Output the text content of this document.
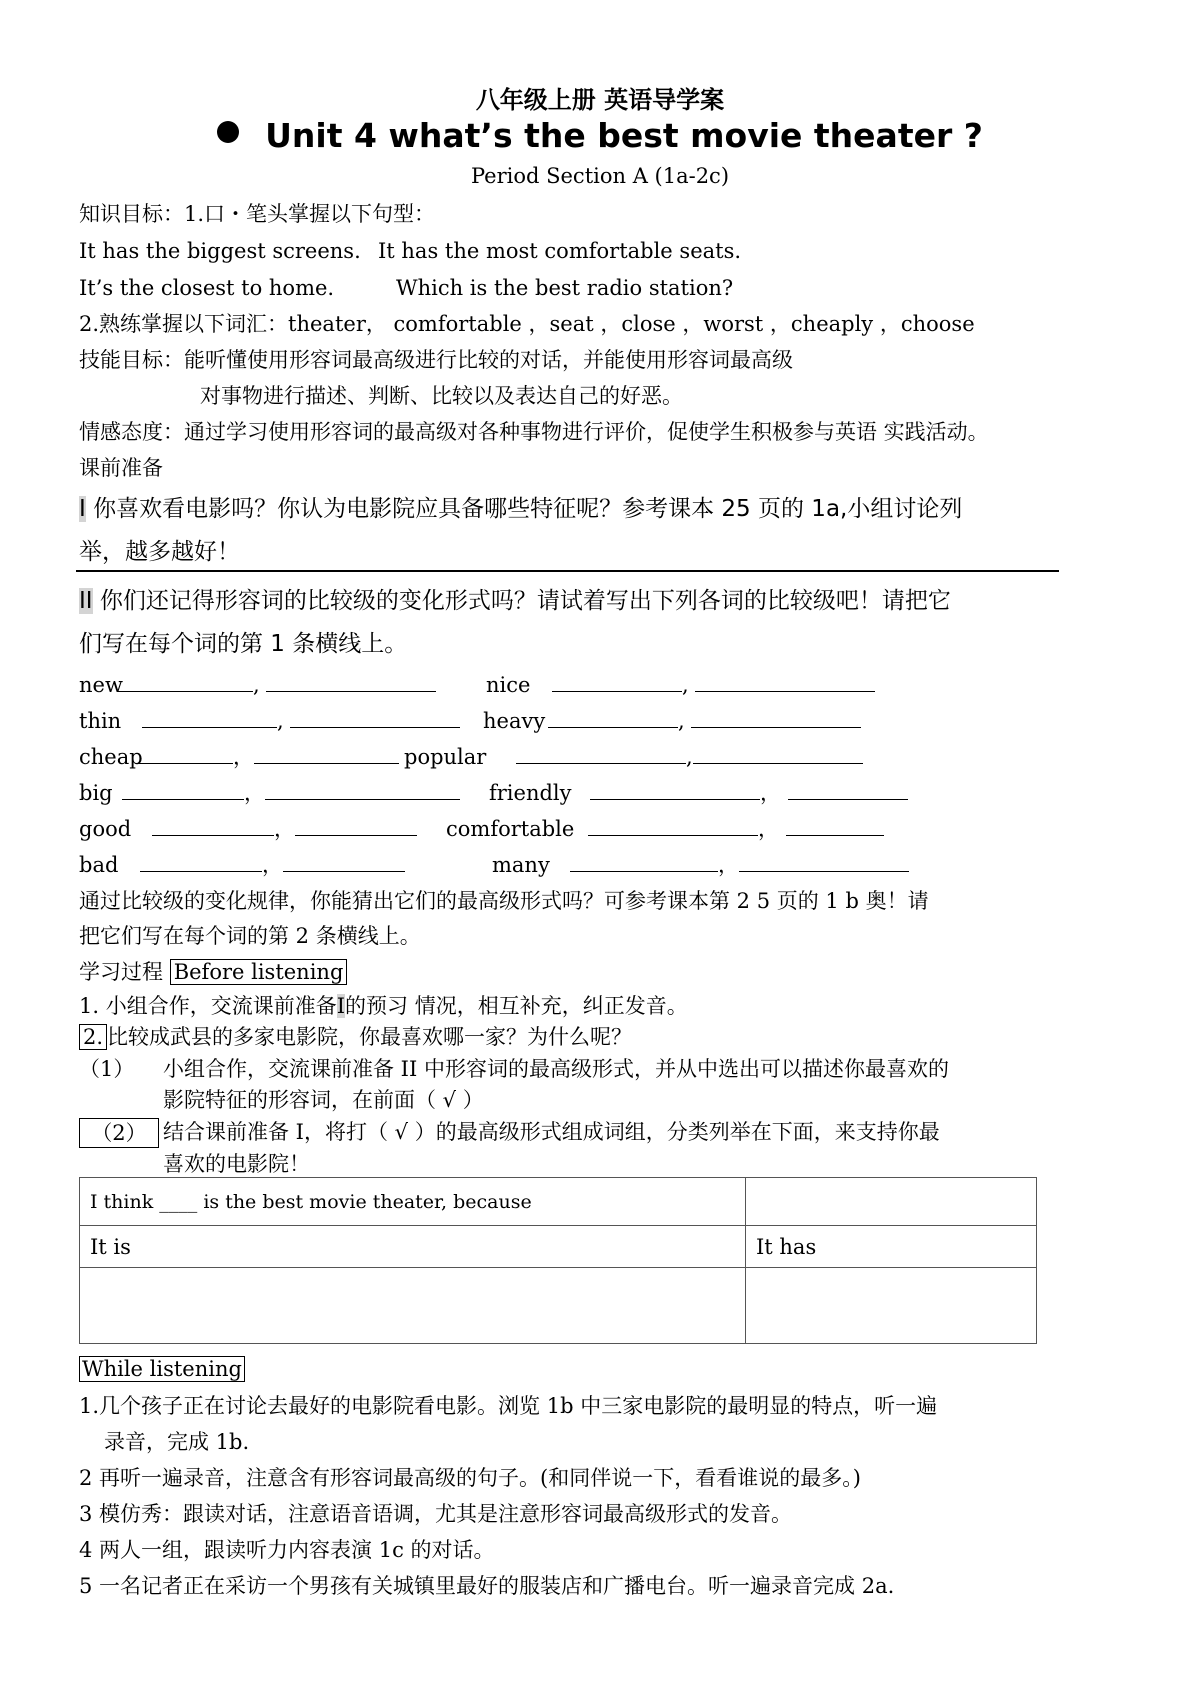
八年级上册 英语导学案
Unit 4 what’s the best movie theater ?
Period Section A (1a-2c)
知识目标：1.口・笔头掌握以下句型：
It has the biggest screens. It has the most comfortable seats.
It’s the closest to home.	Which is the best radio station?
2.熟练掌握以下词汇：theater， comfortable ，seat ，close ，worst ，cheaply ，choose
技能目标：能听懂使用形容词最高级进行比较的对话，并能使用形容词最高级
对事物进行描述、判断、比较以及表达自己的好恶。
情感态度：通过学习使用形容词的最高级对各种事物进行评价，促使学生积极参与英语 实践活动。
课前准备
I 你喜欢看电影吗？你认为电影院应具备哪些特征呢？参考课本 25 页的 1a,小组讨论列
举，越多越好！
II 你们还记得形容词的比较级的变化形式吗？请试着写出下列各词的比较级吧！请把它
们写在每个词的第 1 条横线上。
new	,	nice	,
thin	,	heavy	,
cheap	，	popular	,
big	，	friendly	，
good	，	comfortable	，
bad	，	many	，
通过比较级的变化规律，你能猜出它们的最高级形式吗？可参考课本第 2 5 页的 1 b 奥！请
把它们写在每个词的第 2 条横线上。
学习过程 Before listening
1. 小组合作，交流课前准备I的预习 情况，相互补充，纠正发音。
2. 比较成武县的多家电影院，你最喜欢哪一家？为什么呢？
（1） 小组合作，交流课前准备 II 中形容词的最高级形式，并从中选出可以描述你最喜欢的
影院特征的形容词，在前面（ √ ）
（2） 结合课前准备 I，将打（ √ ）的最高级形式组成词组，分类列举在下面，来支持你最
喜欢的电影院！
I think ____ is the best movie theater, because	
It is	It has

While listening
1.几个孩子正在讨论去最好的电影院看电影。浏览 1b 中三家电影院的最明显的特点，听一遍
录音，完成 1b.
2 再听一遍录音，注意含有形容词最高级的句子。(和同伴说一下，看看谁说的最多。)
3 模仿秀：跟读对话，注意语音语调，尤其是注意形容词最高级形式的发音。
4 两人一组，跟读听力内容表演 1c 的对话。
5 一名记者正在采访一个男孩有关城镇里最好的服装店和广播电台。听一遍录音完成 2a.
